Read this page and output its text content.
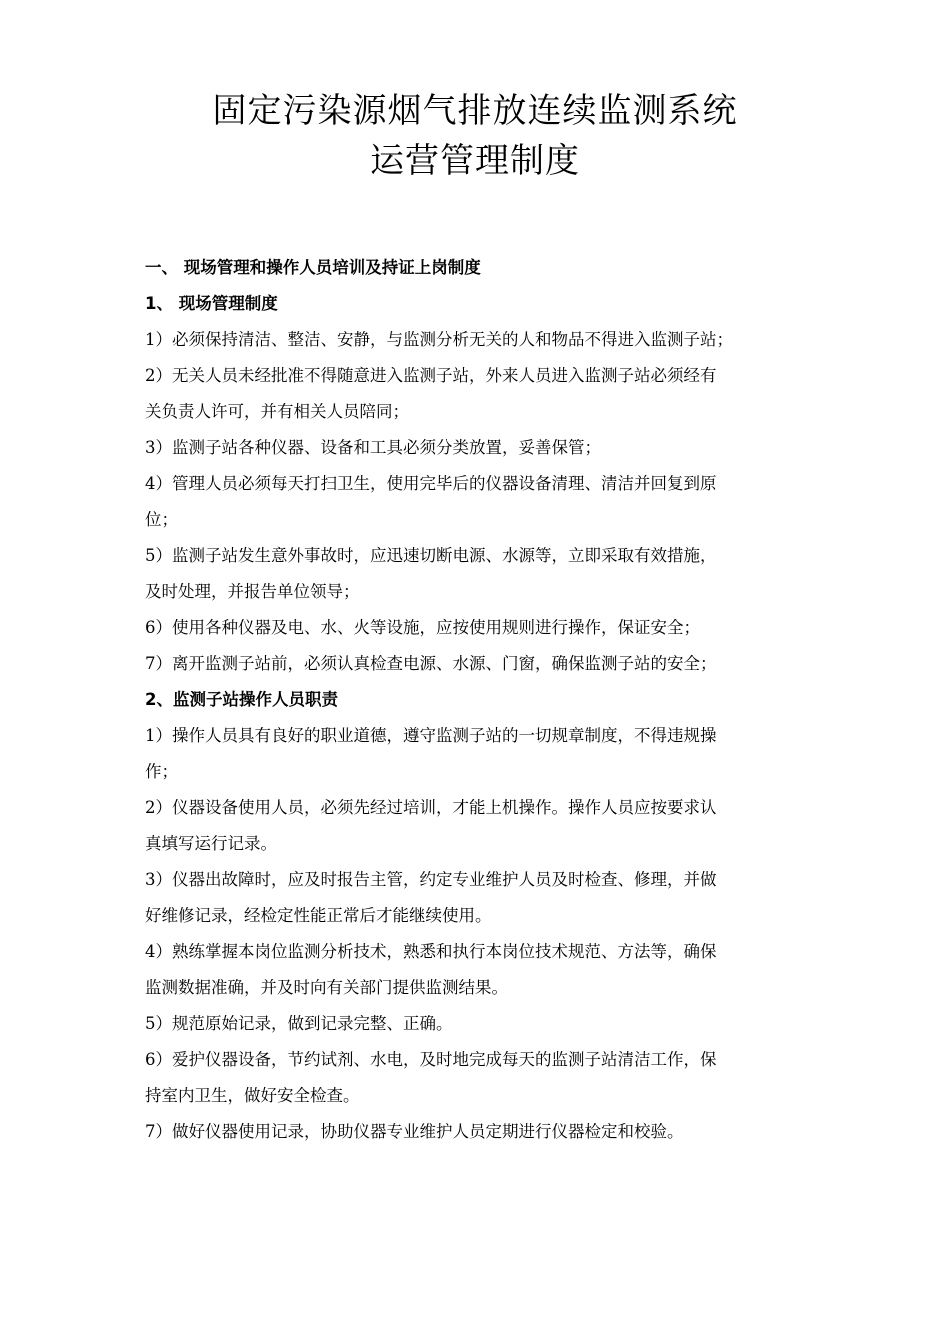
固定污染源烟气排放连续监测系统
运营管理制度
一、 现场管理和操作人员培训及持证上岗制度
1、 现场管理制度
1）必须保持清洁、整洁、安静，与监测分析无关的人和物品不得进入监测子站；
2）无关人员未经批准不得随意进入监测子站，外来人员进入监测子站必须经有
关负责人许可，并有相关人员陪同；
3）监测子站各种仪器、设备和工具必须分类放置，妥善保管；
4）管理人员必须每天打扫卫生，使用完毕后的仪器设备清理、清洁并回复到原
位；
5）监测子站发生意外事故时，应迅速切断电源、水源等，立即采取有效措施，
及时处理，并报告单位领导；
6）使用各种仪器及电、水、火等设施，应按使用规则进行操作，保证安全；
7）离开监测子站前，必须认真检查电源、水源、门窗，确保监测子站的安全；
2、监测子站操作人员职责
1）操作人员具有良好的职业道德，遵守监测子站的一切规章制度，不得违规操
作；
2）仪器设备使用人员，必须先经过培训，才能上机操作。操作人员应按要求认
真填写运行记录。
3）仪器出故障时，应及时报告主管，约定专业维护人员及时检查、修理，并做
好维修记录，经检定性能正常后才能继续使用。
4）熟练掌握本岗位监测分析技术，熟悉和执行本岗位技术规范、方法等，确保
监测数据准确，并及时向有关部门提供监测结果。
5）规范原始记录，做到记录完整、正确。
6）爱护仪器设备，节约试剂、水电，及时地完成每天的监测子站清洁工作，保
持室内卫生，做好安全检查。
7）做好仪器使用记录，协助仪器专业维护人员定期进行仪器检定和校验。
